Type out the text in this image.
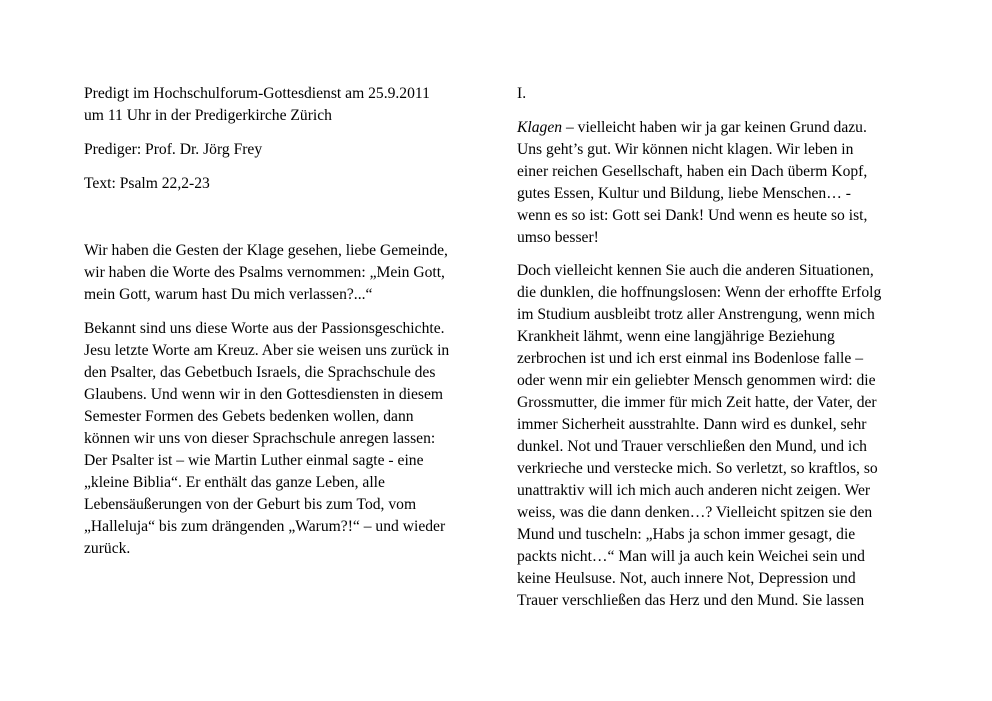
Predigt im Hochschulforum-Gottesdienst am 25.9.2011
um 11 Uhr in der Predigerkirche Zürich
Prediger: Prof. Dr. Jörg Frey
Text: Psalm 22,2-23
Wir haben die Gesten der Klage gesehen, liebe Gemeinde,
wir haben die Worte des Psalms vernommen: „Mein Gott,
mein Gott, warum hast Du mich verlassen?...“
Bekannt sind uns diese Worte aus der Passionsgeschichte.
Jesu letzte Worte am Kreuz. Aber sie weisen uns zurück in
den Psalter, das Gebetbuch Israels, die Sprachschule des
Glaubens. Und wenn wir in den Gottesdiensten in diesem
Semester Formen des Gebets bedenken wollen, dann
können wir uns von dieser Sprachschule anregen lassen:
Der Psalter ist – wie Martin Luther einmal sagte - eine
„kleine Biblia“. Er enthält das ganze Leben, alle
Lebensäußerungen von der Geburt bis zum Tod, vom
„Halleluja“ bis zum drängenden „Warum?!“ – und wieder
zurück.
I.
Klagen – vielleicht haben wir ja gar keinen Grund dazu.
Uns geht’s gut. Wir können nicht klagen. Wir leben in
einer reichen Gesellschaft, haben ein Dach überm Kopf,
gutes Essen, Kultur und Bildung, liebe Menschen… -
wenn es so ist: Gott sei Dank! Und wenn es heute so ist,
umso besser!
Doch vielleicht kennen Sie auch die anderen Situationen,
die dunklen, die hoffnungslosen: Wenn der erhoffte Erfolg
im Studium ausbleibt trotz aller Anstrengung, wenn mich
Krankheit lähmt, wenn eine langjährige Beziehung
zerbrochen ist und ich erst einmal ins Bodenlose falle –
oder wenn mir ein geliebter Mensch genommen wird: die
Grossmutter, die immer für mich Zeit hatte, der Vater, der
immer Sicherheit ausstrahlte. Dann wird es dunkel, sehr
dunkel. Not und Trauer verschließen den Mund, und ich
verkrieche und verstecke mich. So verletzt, so kraftlos, so
unattraktiv will ich mich auch anderen nicht zeigen. Wer
weiss, was die dann denken…? Vielleicht spitzen sie den
Mund und tuscheln: „Habs ja schon immer gesagt, die
packts nicht…“ Man will ja auch kein Weichei sein und
keine Heulsuse. Not, auch innere Not, Depression und
Trauer verschließen das Herz und den Mund. Sie lassen
